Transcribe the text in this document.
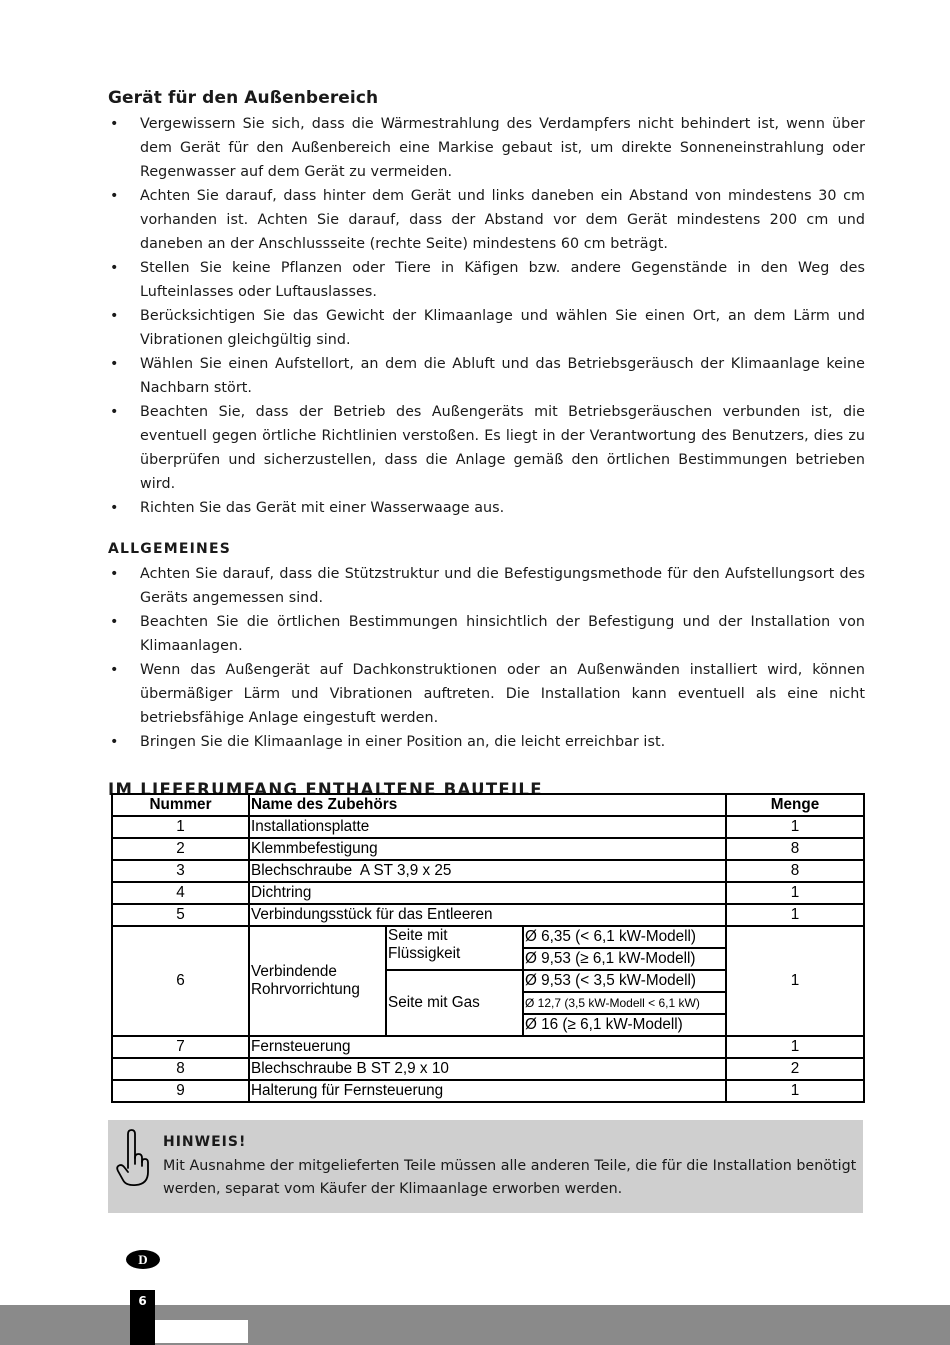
Gerät für den Außenbereich
• Vergewissern Sie sich, dass die Wärmestrahlung des Verdampfers nicht behindert ist, wenn über dem Gerät für den Außenbereich eine Markise gebaut ist, um direkte Sonneneinstrahlung oder Regenwasser auf dem Gerät zu vermeiden.
• Achten Sie darauf, dass hinter dem Gerät und links daneben ein Abstand von mindestens 30 cm vorhanden ist. Achten Sie darauf, dass der Abstand vor dem Gerät mindestens 200 cm und daneben an der Anschlussseite (rechte Seite) mindestens 60 cm beträgt.
• Stellen Sie keine Pflanzen oder Tiere in Käfigen bzw. andere Gegenstände in den Weg des Lufteinlasses oder Luftauslasses.
• Berücksichtigen Sie das Gewicht der Klimaanlage und wählen Sie einen Ort, an dem Lärm und Vibrationen gleichgültig sind.
• Wählen Sie einen Aufstellort, an dem die Abluft und das Betriebsgeräusch der Klimaanlage keine Nachbarn stört.
• Beachten Sie, dass der Betrieb des Außengeräts mit Betriebsgeräuschen verbunden ist, die eventuell gegen örtliche Richtlinien verstoßen. Es liegt in der Verantwortung des Benutzers, dies zu überprüfen und sicherzustellen, dass die Anlage gemäß den örtlichen Bestimmungen betrieben wird.
• Richten Sie das Gerät mit einer Wasserwaage aus.
ALLGEMEINES
• Achten Sie darauf, dass die Stützstruktur und die Befestigungsmethode für den Aufstellungsort des Geräts angemessen sind.
• Beachten Sie die örtlichen Bestimmungen hinsichtlich der Befestigung und der Installation von Klimaanlagen.
• Wenn das Außengerät auf Dachkonstruktionen oder an Außenwänden installiert wird, können übermäßiger Lärm und Vibrationen auftreten. Die Installation kann eventuell als eine nicht betriebsfähige Anlage eingestuft werden.
• Bringen Sie die Klimaanlage in einer Position an, die leicht erreichbar ist.
IM LIEFERUMFANG ENTHALTENE BAUTEILE
Nummer	Name des Zubehörs			Menge
1	Installationsplatte			1
2	Klemmbefestigung			8
3	Blechschraube  A ST 3,9 x 25			8
4	Dichtring			1
5	Verbindungsstück für das Entleeren			1
6	Verbindende Rohrvorrichtung	Seite mit Flüssigkeit	Ø 6,35 (< 6,1 kW-Modell)	1
			Ø 9,53 (≥ 6,1 kW-Modell)	
		Seite mit Gas	Ø 9,53 (< 3,5 kW-Modell)	
			Ø 12,7 (3,5 kW-Modell < 6,1 kW)	
			Ø 16 (≥ 6,1 kW-Modell)	
7	Fernsteuerung			1
8	Blechschraube B ST 2,9 x 10			2
9	Halterung für Fernsteuerung			1
HINWEIS!
Mit Ausnahme der mitgelieferten Teile müssen alle anderen Teile, die für die Installation benötigt werden, separat vom Käufer der Klimaanlage erworben werden.
D
6
